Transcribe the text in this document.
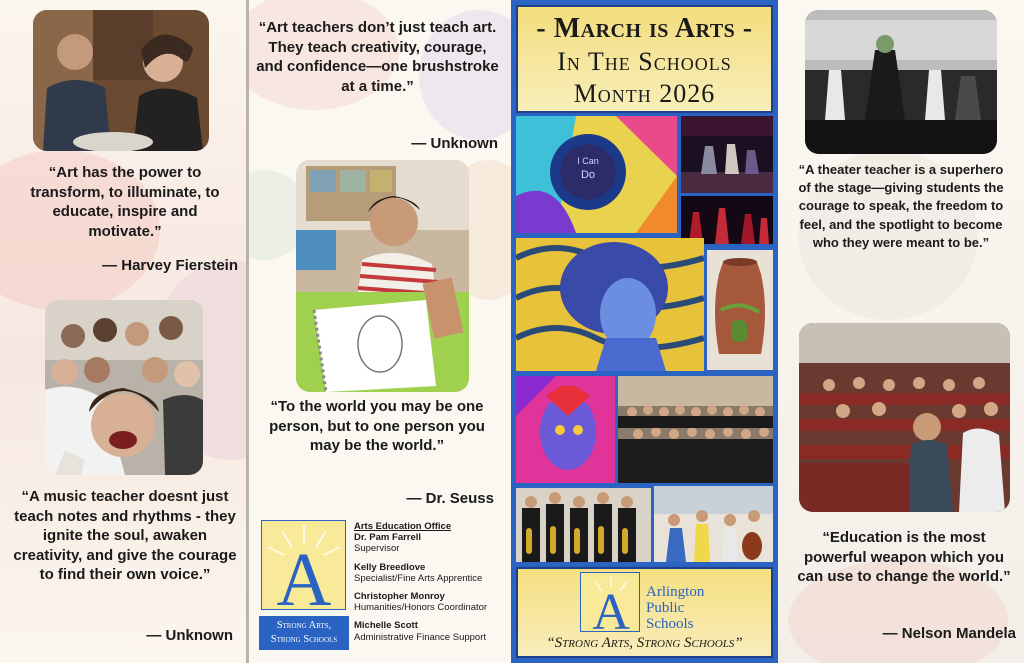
“Art has the power to transform, to illuminate, to educate, inspire and motivate.”
— Harvey Fierstein
“A music teacher doesnt just teach notes and rhythms - they ignite the soul, awaken creativity, and give the courage to find their own voice.”
— Unknown
“Art teachers don’t just teach art. They teach creativity, courage, and confidence—one brushstroke at a time.”
— Unknown
“To the world you may be one person, but to one person you may be the world.”
— Dr. Seuss
A
Strong Arts,
Strong Schools
Arts Education Office
Dr. Pam Farrell
Supervisor
Kelly Breedlove
Specialist/Fine Arts Apprentice
Christopher Monroy
Humanities/Honors Coordinator
Michelle Scott
Administrative Finance Support
- March is Arts -
In The Schools
Month 2026
I Can
Do
A Arlington
Public
Schools
“Strong Arts, Strong Schools”
“A theater teacher is a superhero of the stage—giving students the courage to speak, the freedom to feel, and the spotlight to become who they were meant to be.”
“Education is the most powerful weapon which you can use to change the world.”
— Nelson Mandela
